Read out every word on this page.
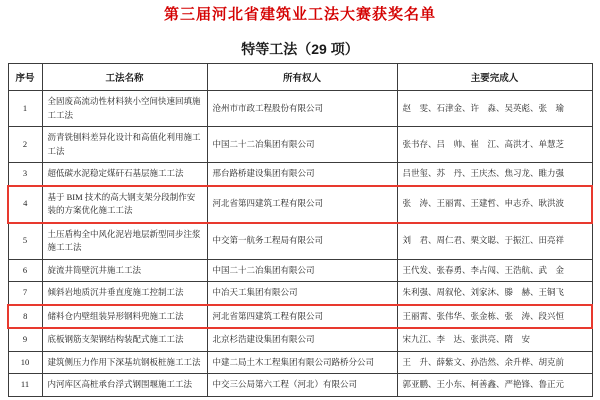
第三届河北省建筑业工法大赛获奖名单
特等工法（29 项）
序号	工法名称	所有权人	主要完成人
1	全固废高流动性材料狭小空间快速回填施工工法	沧州市市政工程股份有限公司	赵　雯、石津金、许　淼、吴英彪、张　瑜
2	沥青铣刨料差异化设计和高值化利用施工工法	中国二十二冶集团有限公司	张书存、吕　帅、崔　江、高洪才、单慧芝
3	超低碳水泥稳定煤矸石基层施工工法	邢台路桥建设集团有限公司	吕世玺、苏　丹、王庆杰、焦习龙、睢力强
4	基于 BIM 技术的高大钢支架分段制作安装的方案优化施工工法	河北省第四建筑工程有限公司	张　涛、王丽霄、王建哲、申志乔、耿洪波
5	土压盾构全中风化泥岩地层新型同步注浆施工工法	中交第一航务工程局有限公司	刘　君、周仁君、栗文聪、于振江、田亮祥
6	旋流井筒壁沉井施工工法	中国二十二冶集团有限公司	王代发、张春勇、李占闯、王浩航、武　金
7	倾斜岩地质沉井垂直度施工控制工法	中冶天工集团有限公司	朱利强、周叙伦、刘家沐、滕　赫、王铜飞
8	储料仓内壁组装异形钢料兜施工工法	河北省第四建筑工程有限公司	王丽霄、张伟华、张金栋、张　涛、段兴恒
9	底板钢筋支架钢结构装配式施工工法	北京杉浩建设集团有限公司	宋九江、李　达、张洪亮、隋　安
10	建筑侧压力作用下深基坑钢板桩施工工法	中建二局土木工程集团有限公司路桥分公司	王　升、薛紫文、孙浩然、余升桦、胡克前
11	内河库区高桩承台浮式钢围堰施工工法	中交三公局第六工程（河北）有限公司	郭亚鹏、王小东、柯善鑫、严艳锋、鲁正元
